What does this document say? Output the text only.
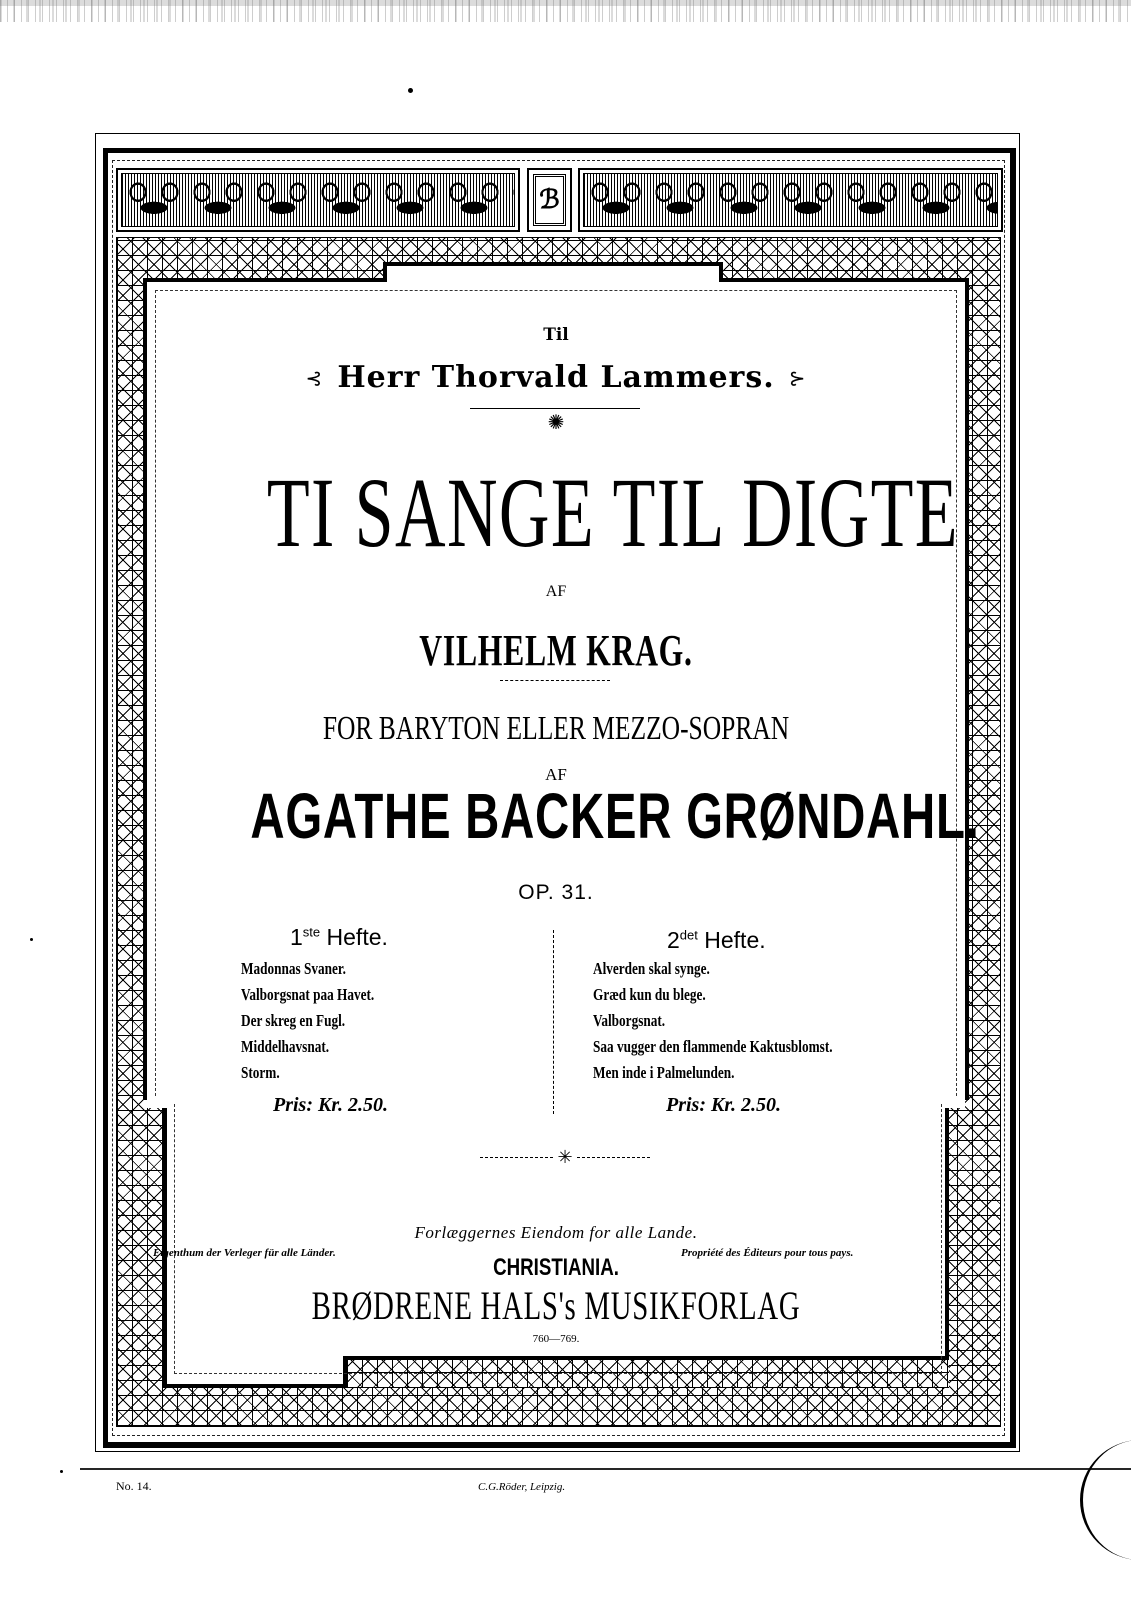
ℬ
Til
⊰ Herr Thorvald Lammers. ⊱
✺
TI SANGE TIL DIGTE
AF
VILHELM KRAG.
FOR BARYTON ELLER MEZZO-SOPRAN
AF
AGATHE BACKER GRØNDAHL.
OP. 31.
1ste Hefte.
Madonnas Svaner.
Valborgsnat paa Havet.
Der skreg en Fugl.
Middelhavsnat.
Storm.
Pris: Kr. 2.50.
$2^{det}$ Hefte.
Alverden skal synge.
Græd kun du blege.
Valborgsnat.
Saa vugger den flammende Kaktusblomst.
Men inde i Palmelunden.
Pris: Kr. 2.50.
✳
Forlæggernes Eiendom for alle Lande.
Eigenthum der Verleger für alle Länder.	Propriété des Éditeurs pour tous pays.
CHRISTIANIA.
BRØDRENE HALS's MUSIKFORLAG
760—769.
No. 14.	C.G.Röder, Leipzig.
